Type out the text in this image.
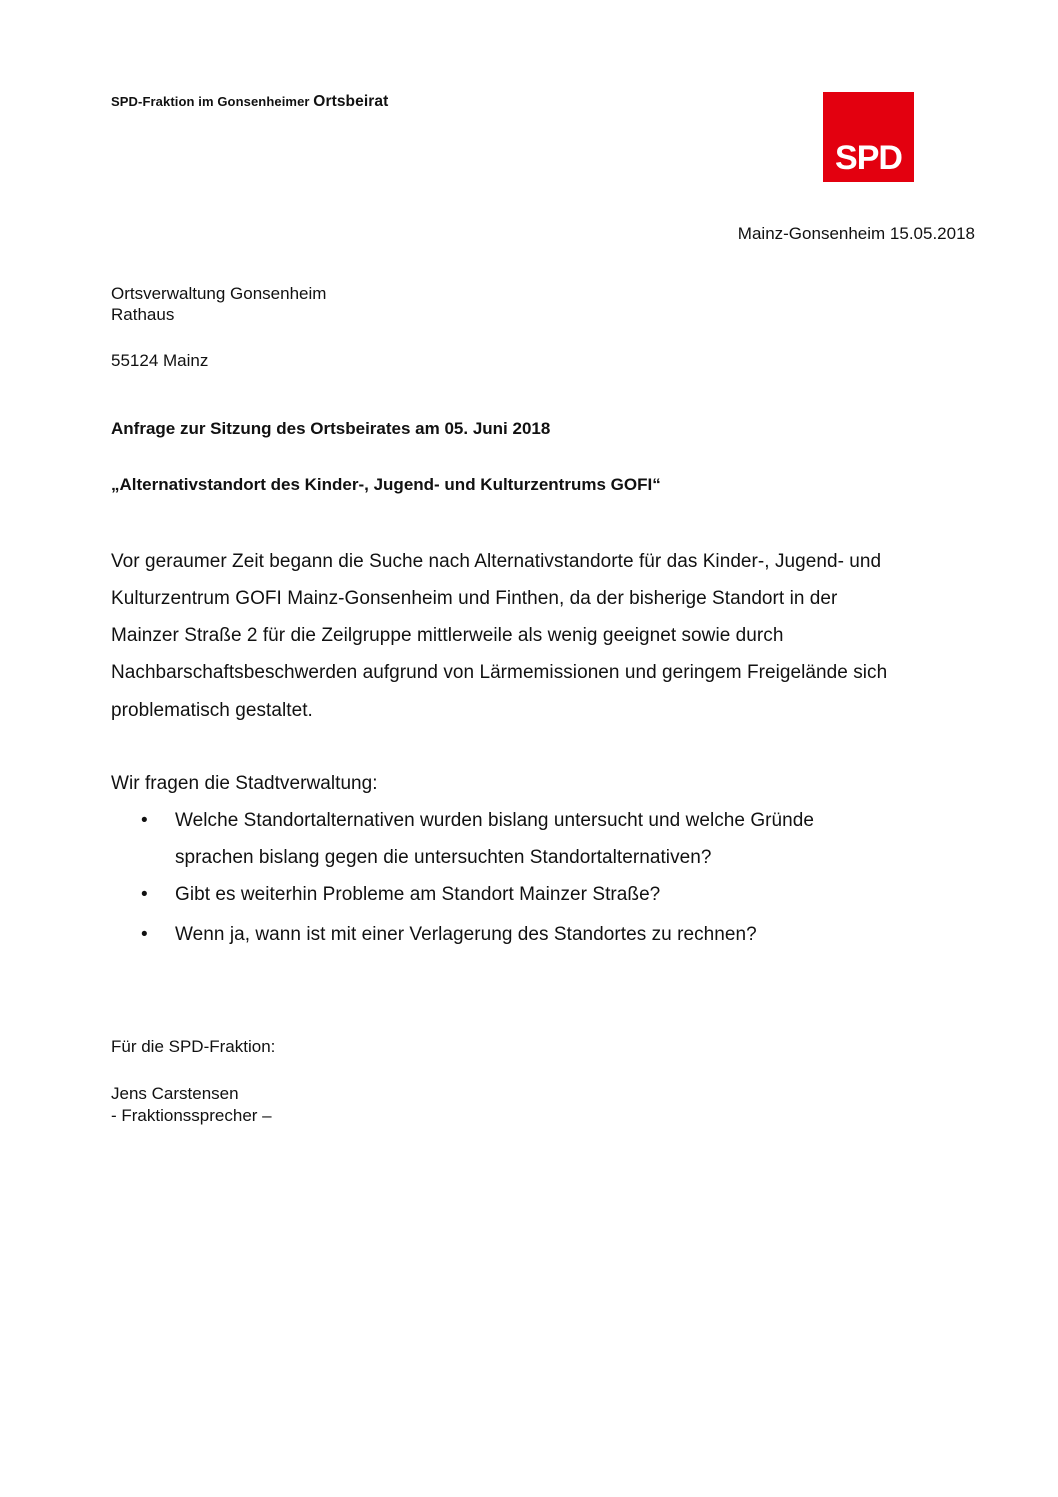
SPD-Fraktion im Gonsenheimer Ortsbeirat
SPD
Mainz-Gonsenheim 15.05.2018
Ortsverwaltung Gonsenheim
Rathaus
55124 Mainz
Anfrage zur Sitzung des Ortsbeirates am 05. Juni 2018
„Alternativstandort des Kinder-, Jugend- und Kulturzentrums GOFI“
Vor geraumer Zeit begann die Suche nach Alternativstandorte für das Kinder-, Jugend- und
Kulturzentrum GOFI Mainz-Gonsenheim und Finthen, da der bisherige Standort in der
Mainzer Straße 2 für die Zeilgruppe mittlerweile als wenig geeignet sowie durch
Nachbarschaftsbeschwerden aufgrund von Lärmemissionen und geringem Freigelände sich
problematisch gestaltet.
Wir fragen die Stadtverwaltung:
• Welche Standortalternativen wurden bislang untersucht und welche Gründe
sprachen bislang gegen die untersuchten Standortalternativen?
• Gibt es weiterhin Probleme am Standort Mainzer Straße?
• Wenn ja, wann ist mit einer Verlagerung des Standortes zu rechnen?
Für die SPD-Fraktion:
Jens Carstensen
- Fraktionssprecher –
